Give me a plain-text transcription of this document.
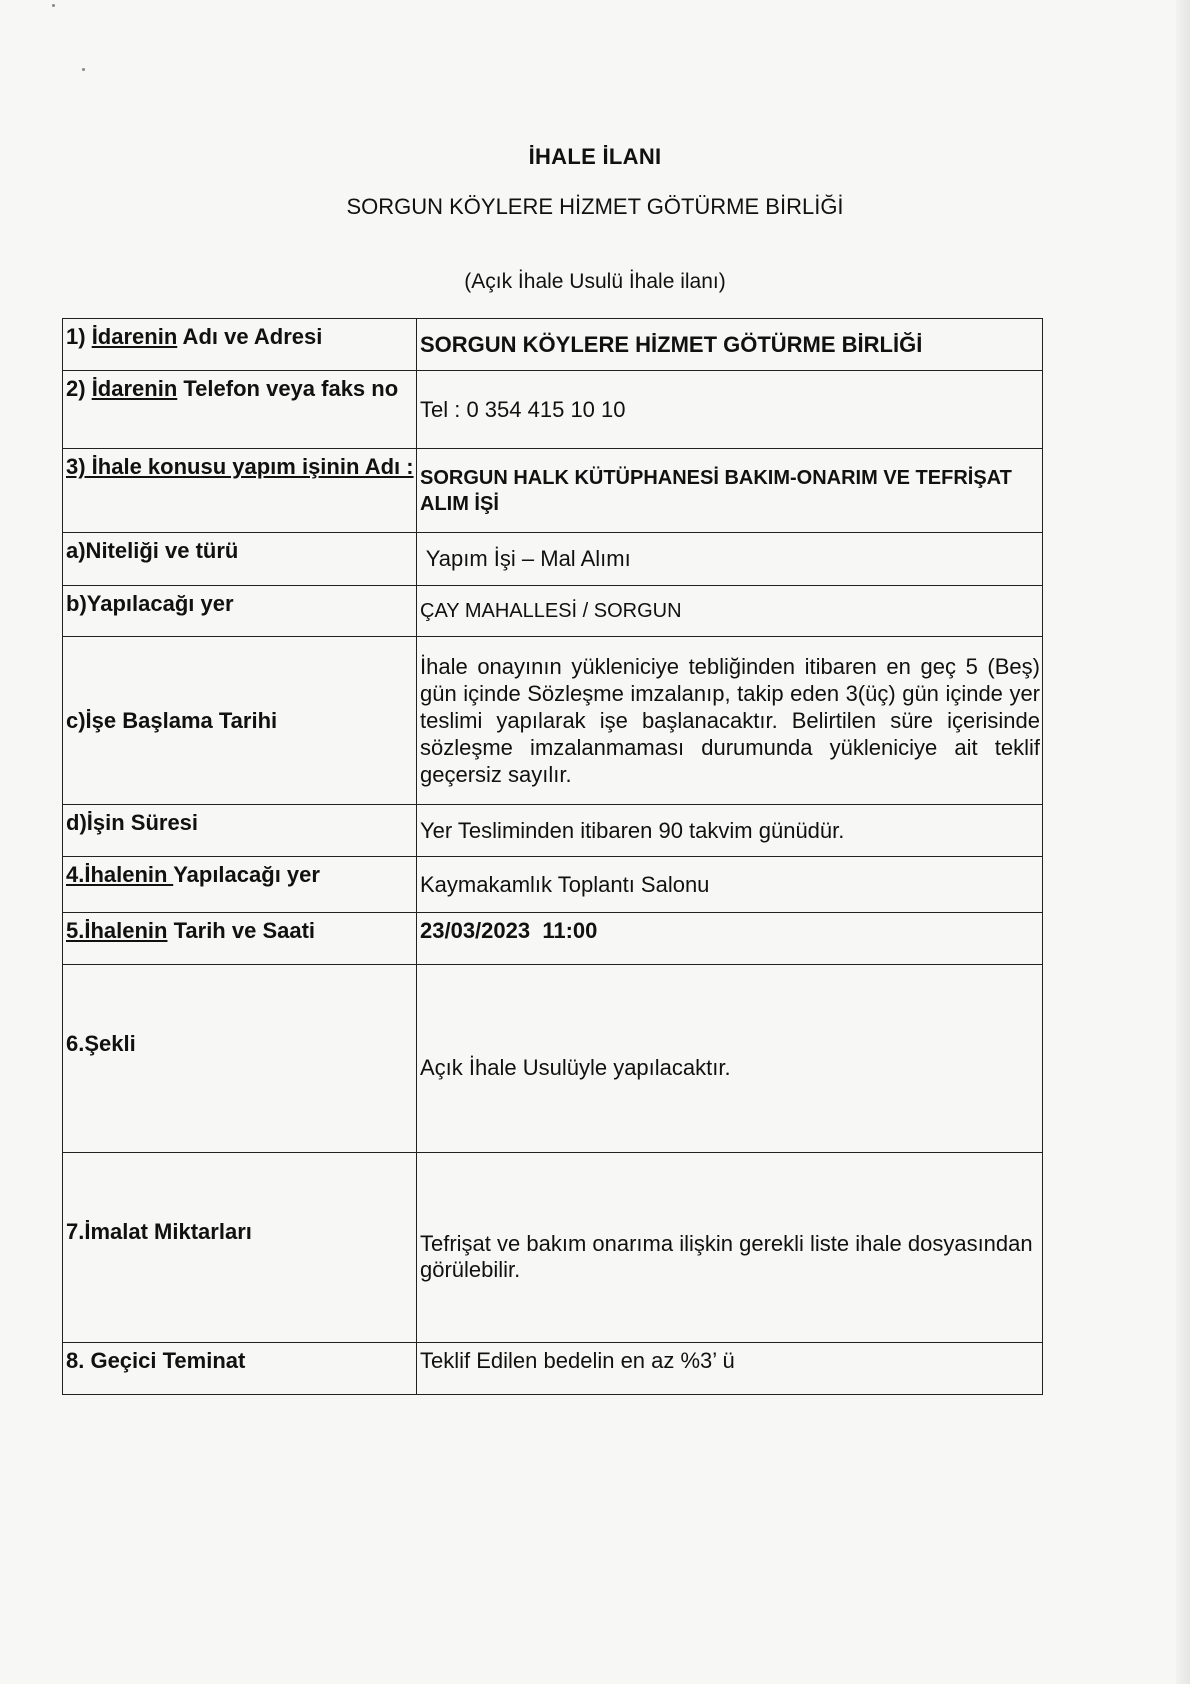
İHALE İLANI
SORGUN KÖYLERE HİZMET GÖTÜRME BİRLİĞİ
(Açık İhale Usulü İhale ilanı)
1) İdarenin Adı ve Adresi	SORGUN KÖYLERE HİZMET GÖTÜRME BİRLİĞİ
2) İdarenin Telefon veya faks no	Tel : 0 354 415 10 10
3) İhale konusu yapım işinin Adı :	SORGUN HALK KÜTÜPHANESİ BAKIM-ONARIM VE TEFRİŞAT ALIM İŞİ
a)Niteliği ve türü	Yapım İşi – Mal Alımı
b)Yapılacağı yer	ÇAY MAHALLESİ / SORGUN
c)İşe Başlama Tarihi	İhale onayının yükleniciye tebliğinden itibaren en geç 5 (Beş) gün içinde Sözleşme imzalanıp, takip eden 3(üç) gün içinde yer teslimi yapılarak işe başlanacaktır. Belirtilen süre içerisinde sözleşme imzalanmaması durumunda yükleniciye ait teklif geçersiz sayılır.
d)İşin Süresi	Yer Tesliminden itibaren 90 takvim günüdür.
4.İhalenin Yapılacağı yer	Kaymakamlık Toplantı Salonu
5.İhalenin Tarih ve Saati	23/03/2023  11:00
6.Şekli	Açık İhale Usulüyle yapılacaktır.
7.İmalat Miktarları	Tefrişat ve bakım onarıma ilişkin gerekli liste ihale dosyasından görülebilir.
8. Geçici Teminat	Teklif Edilen bedelin en az %3’ ü
